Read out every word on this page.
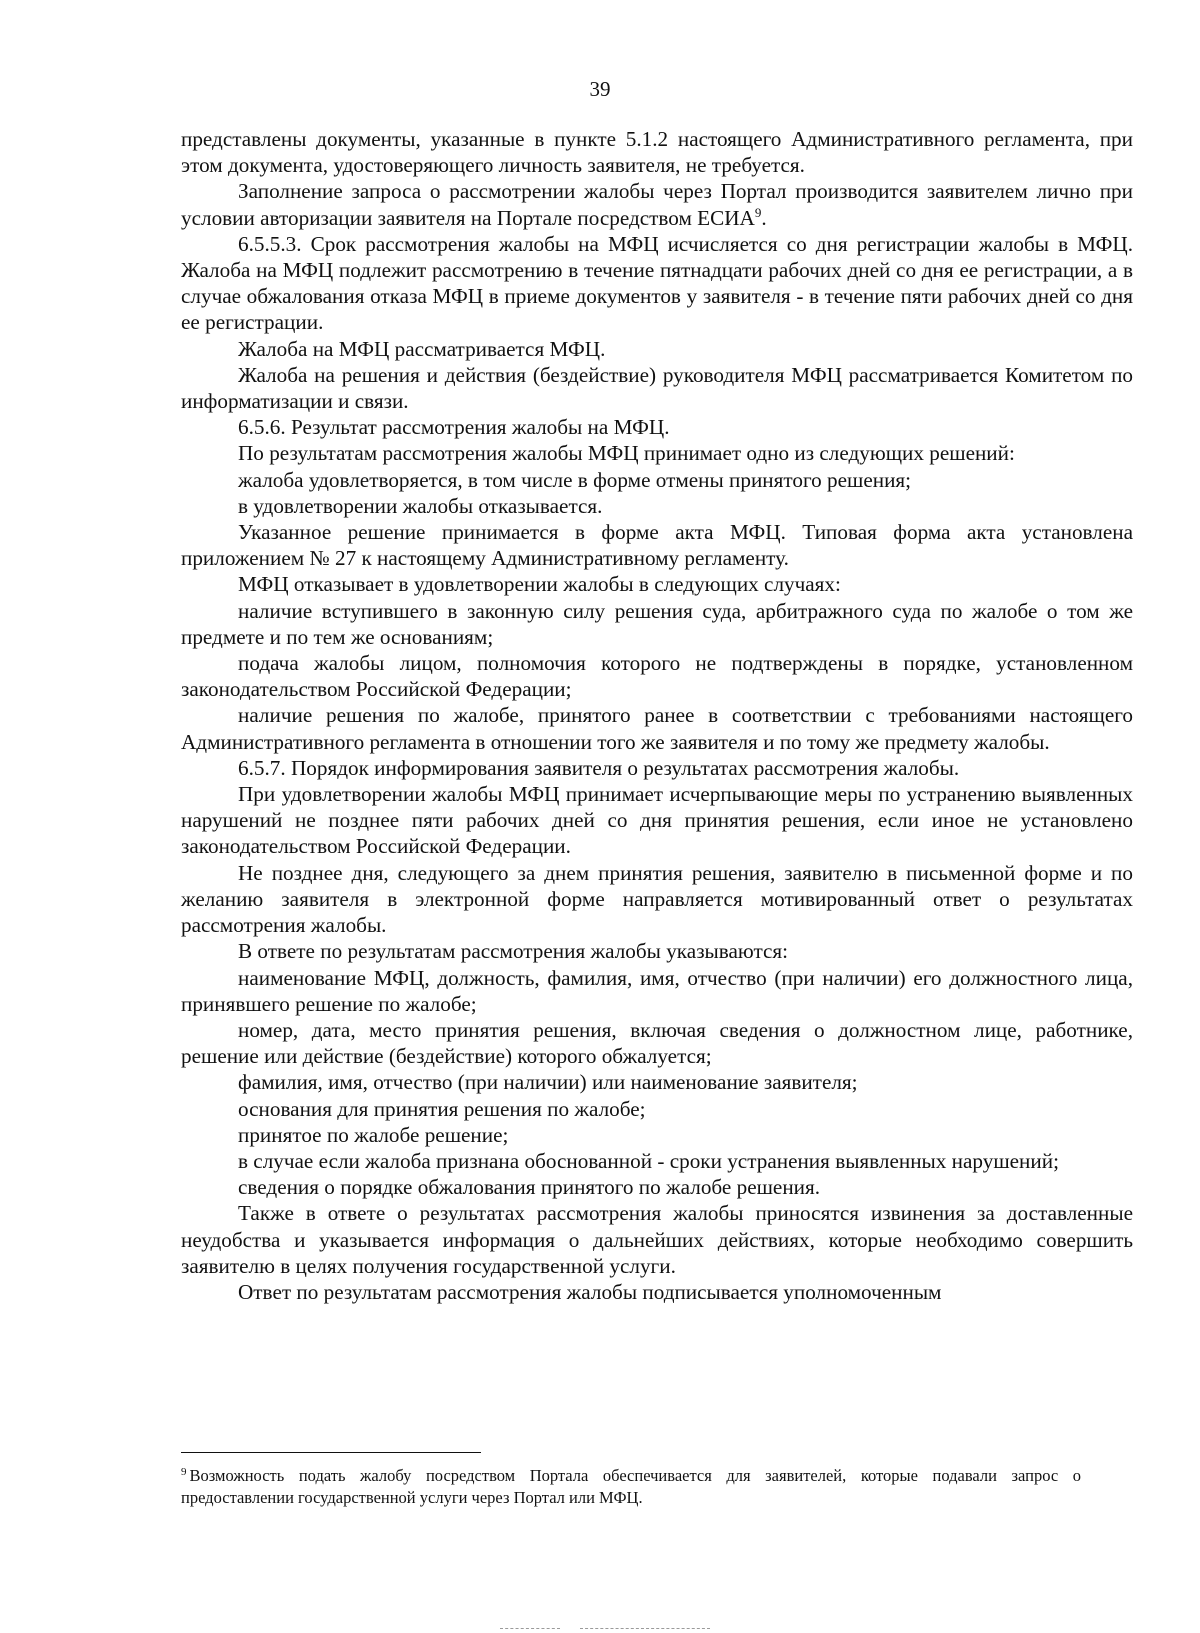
39

представлены документы, указанные в пункте 5.1.2 настоящего Административного регламента, при этом документа, удостоверяющего личность заявителя, не требуется.

Заполнение запроса о рассмотрении жалобы через Портал производится заявителем лично при условии авторизации заявителя на Портале посредством ЕСИА$^9$.

6.5.5.3. Срок рассмотрения жалобы на МФЦ исчисляется со дня регистрации жалобы в МФЦ. Жалоба на МФЦ подлежит рассмотрению в течение пятнадцати рабочих дней со дня ее регистрации, а в случае обжалования отказа МФЦ в приеме документов у заявителя - в течение пяти рабочих дней со дня ее регистрации.

Жалоба на МФЦ рассматривается МФЦ.

Жалоба на решения и действия (бездействие) руководителя МФЦ рассматривается Комитетом по информатизации и связи.

6.5.6. Результат рассмотрения жалобы на МФЦ.

По результатам рассмотрения жалобы МФЦ принимает одно из следующих решений:

жалоба удовлетворяется, в том числе в форме отмены принятого решения;

в удовлетворении жалобы отказывается.

Указанное решение принимается в форме акта МФЦ. Типовая форма акта установлена приложением № 27 к настоящему Административному регламенту.

МФЦ отказывает в удовлетворении жалобы в следующих случаях:

наличие вступившего в законную силу решения суда, арбитражного суда по жалобе о том же предмете и по тем же основаниям;

подача жалобы лицом, полномочия которого не подтверждены в порядке, установленном законодательством Российской Федерации;

наличие решения по жалобе, принятого ранее в соответствии с требованиями настоящего Административного регламента в отношении того же заявителя и по тому же предмету жалобы.

6.5.7. Порядок информирования заявителя о результатах рассмотрения жалобы.

При удовлетворении жалобы МФЦ принимает исчерпывающие меры по устранению выявленных нарушений не позднее пяти рабочих дней со дня принятия решения, если иное не установлено законодательством Российской Федерации.

Не позднее дня, следующего за днем принятия решения, заявителю в письменной форме и по желанию заявителя в электронной форме направляется мотивированный ответ о результатах рассмотрения жалобы.

В ответе по результатам рассмотрения жалобы указываются:

наименование МФЦ, должность, фамилия, имя, отчество (при наличии) его должностного лица, принявшего решение по жалобе;

номер, дата, место принятия решения, включая сведения о должностном лице, работнике, решение или действие (бездействие) которого обжалуется;

фамилия, имя, отчество (при наличии) или наименование заявителя;

основания для принятия решения по жалобе;

принятое по жалобе решение;

в случае если жалоба признана обоснованной - сроки устранения выявленных нарушений;

сведения о порядке обжалования принятого по жалобе решения.

Также в ответе о результатах рассмотрения жалобы приносятся извинения за доставленные неудобства и указывается информация о дальнейших действиях, которые необходимо совершить заявителю в целях получения государственной услуги.

Ответ по результатам рассмотрения жалобы подписывается уполномоченным

$^9$ Возможность подать жалобу посредством Портала обеспечивается для заявителей, которые подавали запрос о предоставлении государственной услуги через Портал или МФЦ.
